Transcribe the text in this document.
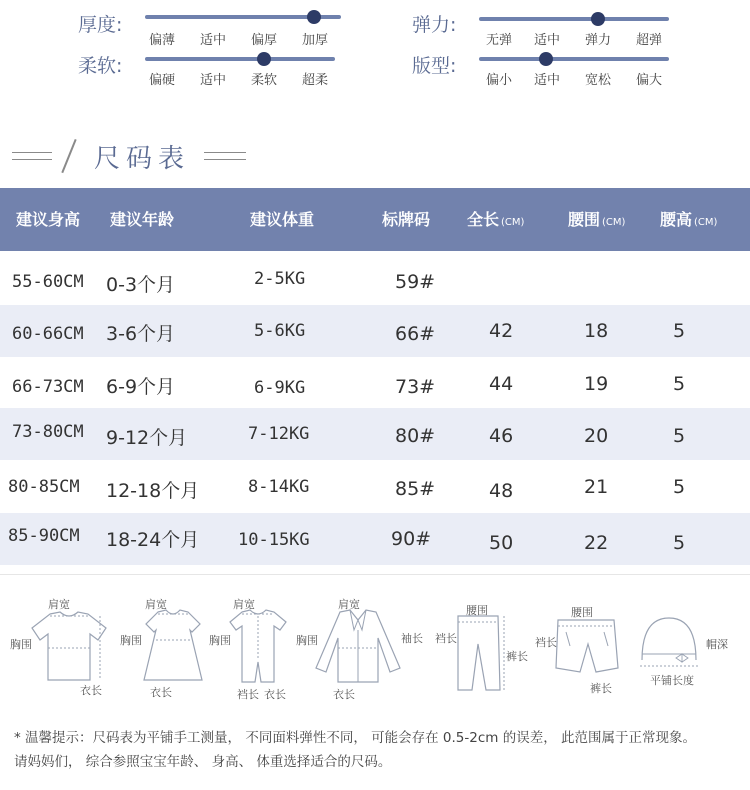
厚度:
偏薄 适中 偏厚 加厚
弹力:
无弹 适中 弹力 超弹
柔软:
偏硬 适中 柔软 超柔
版型:
偏小 适中 宽松 偏大
尺码表
建议身高 建议年龄	建议体重	标牌码 全长 (CM)	腰围 (CM) 腰高 (CM)
55-60CM 0-3个月	2-5KG	59#
60-66CM 3-6个月	5-6KG	66#	42	18	5
66-73CM 6-9个月	6-9KG	73#	44	19	5
73-80CM 9-12个月	7-12KG	80#	46	20	5
80-85CM 12-18个月	8-14KG	85#	48	21	5
85-90CM 18-24个月 10-15KG	90#	50	22	5
肩宽
胸围
衣长
肩宽
胸围
衣长
肩宽
胸围
裆长 衣长
肩宽
胸围	袖长
衣长
腰围
裆长
裤长
腰围
裆长
裤长
帽深
平铺长度
* 温馨提示：尺码表为平铺手工测量， 不同面料弹性不同， 可能会存在 0.5-2cm 的误差， 此范围属于正常现象。
请妈妈们， 综合参照宝宝年龄、 身高、 体重选择适合的尺码。
